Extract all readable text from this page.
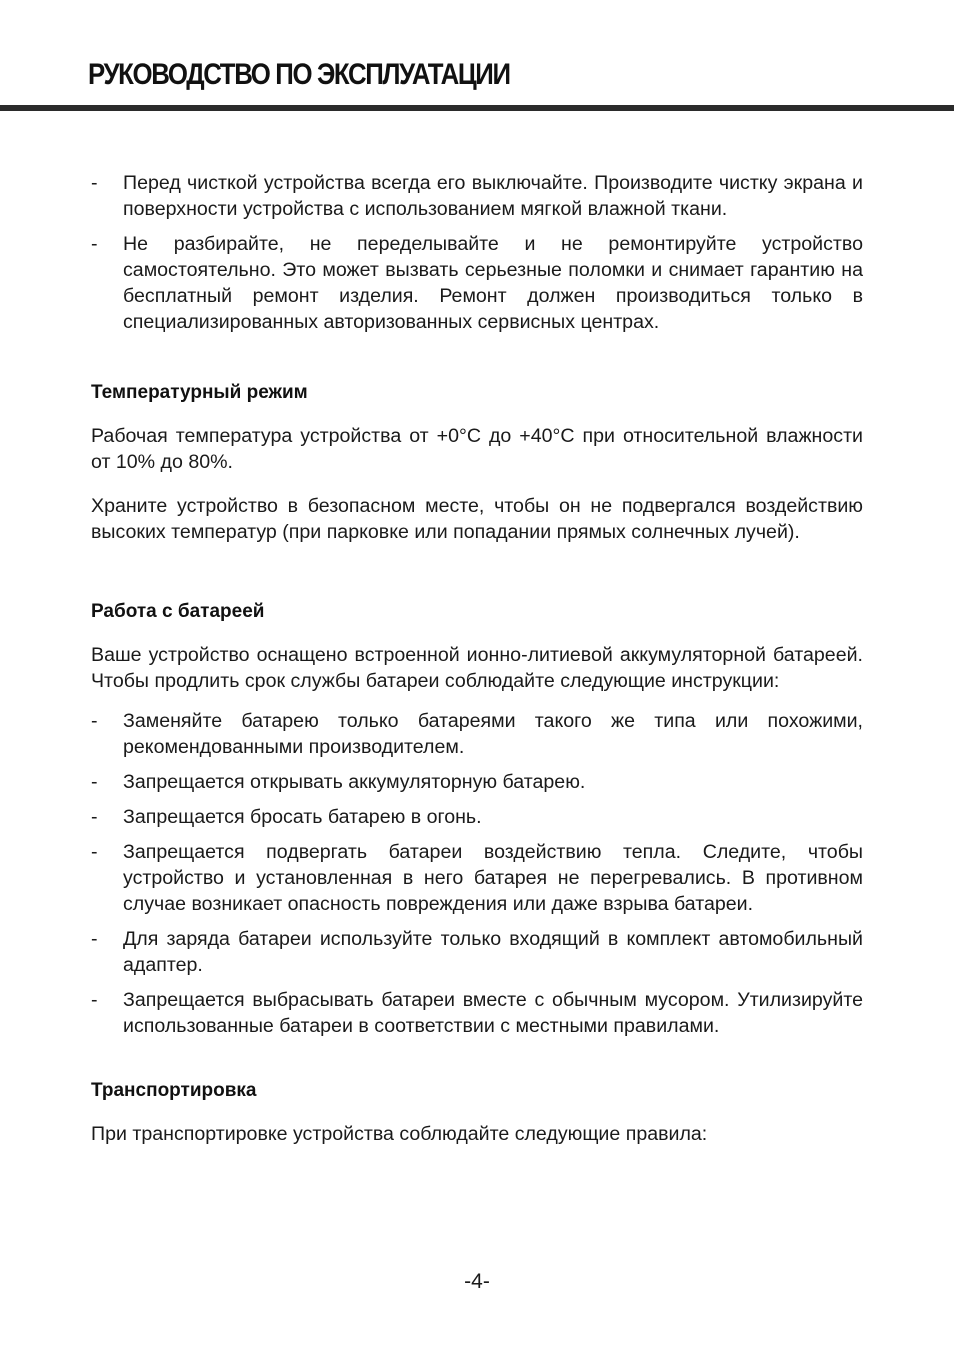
РУКОВОДСТВО ПО ЭКСПЛУАТАЦИИ
- Перед чисткой устройства всегда его выключайте. Производите чистку экрана и поверхности устройства с использованием мягкой влажной ткани.
- Не разбирайте, не переделывайте и не ремонтируйте устройство самостоятельно. Это может вызвать серьезные поломки и снимает гарантию на бесплатный ремонт изделия. Ремонт должен производиться только в специализированных авторизованных сервисных центрах.
Температурный режим

Рабочая температура устройства от +0°С до +40°С при относительной влажности от 10% до 80%.

Храните устройство в безопасном месте, чтобы он не подвергался воздействию высоких температур (при парковке или попадании прямых солнечных лучей).

Работа с батареей

Ваше устройство оснащено встроенной ионно-литиевой аккумуляторной батареей. Чтобы продлить срок службы батареи соблюдайте следующие инструкции:

- Заменяйте батарею только батареями такого же типа или похожими, рекомендованными производителем.
- Запрещается открывать аккумуляторную батарею.
- Запрещается бросать батарею в огонь.
- Запрещается подвергать батареи воздействию тепла. Следите, чтобы устройство и установленная в него батарея не перегревались. В противном случае возникает опасность повреждения или даже взрыва батареи.
- Для заряда батареи используйте только входящий в комплект автомобильный адаптер.
- Запрещается выбрасывать батареи вместе с обычным мусором. Утилизируйте использованные батареи в соответствии с местными правилами.
Транспортировка

При транспортировке устройства соблюдайте следующие правила:

-4-
